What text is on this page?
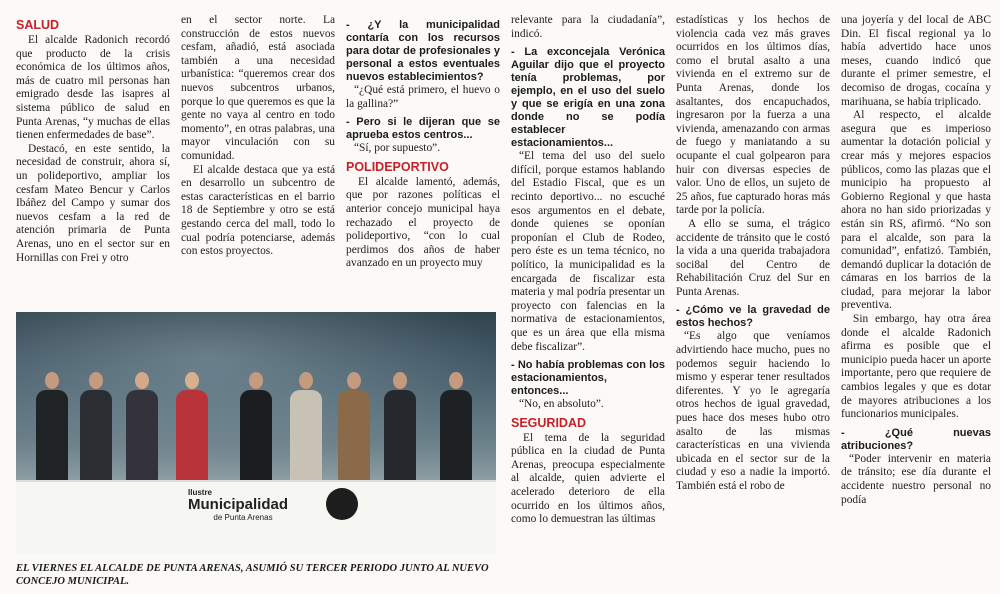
SALUD

El alcalde Radonich recordó que producto de la crisis económica de los últimos años, más de cuatro mil personas han emigrado desde las isapres al sistema público de salud en Punta Arenas, “y muchas de ellas tienen enfermedades de base”.

Destacó, en este sentido, la necesidad de construir, ahora sí, un polideportivo, ampliar los cesfam Mateo Bencur y Carlos Ibáñez del Campo y sumar dos nuevos cesfam a la red de atención primaria de Punta Arenas, uno en el sector sur en Hornillas con Frei y otro

en el sector norte. La construcción de estos nuevos cesfam, añadió, está asociada también a una necesidad urbanística: “queremos crear dos nuevos subcentros urbanos, porque lo que queremos es que la gente no vaya al centro en todo momento”, en otras palabras, una mayor vinculación con su comunidad.

El alcalde destaca que ya está en desarrollo un subcentro de estas características en el barrio 18 de Septiembre y otro se está gestando cerca del mall, todo lo cual podría potenciarse, además con estos proyectos.

- ¿Y la municipalidad contaría con los recursos para dotar de profesionales y personal a estos eventuales nuevos establecimientos?

“¿Qué está primero, el huevo o la gallina?”

- Pero si le dijeran que se aprueba estos centros...

“Sí, por supuesto”.

POLIDEPORTIVO

El alcalde lamentó, además, que por razones políticas el anterior concejo municipal haya rechazado el proyecto de polideportivo, “con lo cual perdimos dos años de haber avanzado en un proyecto muy

relevante para la ciudadanía”, indicó.

- La exconcejala Verónica Aguilar dijo que el proyecto tenía problemas, por ejemplo, en el uso del suelo y que se erigía en una zona donde no se podía establecer estacionamientos...

“El tema del uso del suelo difícil, porque estamos hablando del Estadio Fiscal, que es un recinto deportivo... no escuché esos argumentos en el debate, donde quienes se oponían proponían el Club de Rodeo, pero éste es un tema técnico, no político, la municipalidad es la encargada de fiscalizar esta materia y mal podría presentar un proyecto con falencias en la normativa de estacionamientos, que es un área que ella misma debe fiscalizar”.

- No había problemas con los estacionamientos, entonces...

“No, en absoluto”.

SEGURIDAD

El tema de la seguridad pública en la ciudad de Punta Arenas, preocupa especialmente al alcalde, quien advierte el acelerado deterioro de ella ocurrido en los últimos años, como lo demuestran las últimas

estadísticas y los hechos de violencia cada vez más graves ocurridos en los últimos días, como el brutal asalto a una vivienda en el extremo sur de Punta Arenas, donde los asaltantes, dos encapuchados, ingresaron por la fuerza a una vivienda, amenazando con armas de fuego y maniatando a su ocupante el cual golpearon para huir con diversas especies de valor. Uno de ellos, un sujeto de 25 años, fue capturado horas más tarde por la policía.

A ello se suma, el trágico accidente de tránsito que le costó la vida a una querida trabajadora soci8al del Centro de Rehabilitación Cruz del Sur en Punta Arenas.

- ¿Cómo ve la gravedad de estos hechos?

“Es algo que veníamos advirtiendo hace mucho, pues no podemos seguir haciendo lo mismo y esperar tener resultados diferentes. Y yo le agregaría otros hechos de igual gravedad, pues hace dos meses hubo otro asalto de las mismas características en una vivienda ubicada en el sector sur de la ciudad y eso a nadie la importó. También está el robo de

una joyería y del local de ABC Din. El fiscal regional ya lo había advertido hace unos meses, cuando indicó que durante el primer semestre, el decomiso de drogas, cocaína y marihuana, se había triplicado.

Al respecto, el alcalde asegura que es imperioso aumentar la dotación policial y crear más y mejores espacios públicos, como las plazas que el municipio ha propuesto al Gobierno Regional y que hasta ahora no han sido priorizadas y están sin RS, afirmó. “No son para el alcalde, son para la comunidad”, enfatizó. También, demandó duplicar la dotación de cámaras en los barrios de la ciudad, para mejorar la labor preventiva.

Sin embargo, hay otra área donde el alcalde Radonich afirma es posible que el municipio pueda hacer un aporte importante, pero que requiere de cambios legales y que es dotar de mayores atribuciones a los funcionarios municipales.

- ¿Qué nuevas atribuciones?

“Poder intervenir en materia de tránsito; ese día durante el accidente nuestro personal no podía

Ilustre
Municipalidad
de Punta Arenas
EL VIERNES EL ALCALDE DE PUNTA ARENAS, ASUMIÓ SU TERCER PERIODO JUNTO AL NUEVO CONCEJO MUNICIPAL.
